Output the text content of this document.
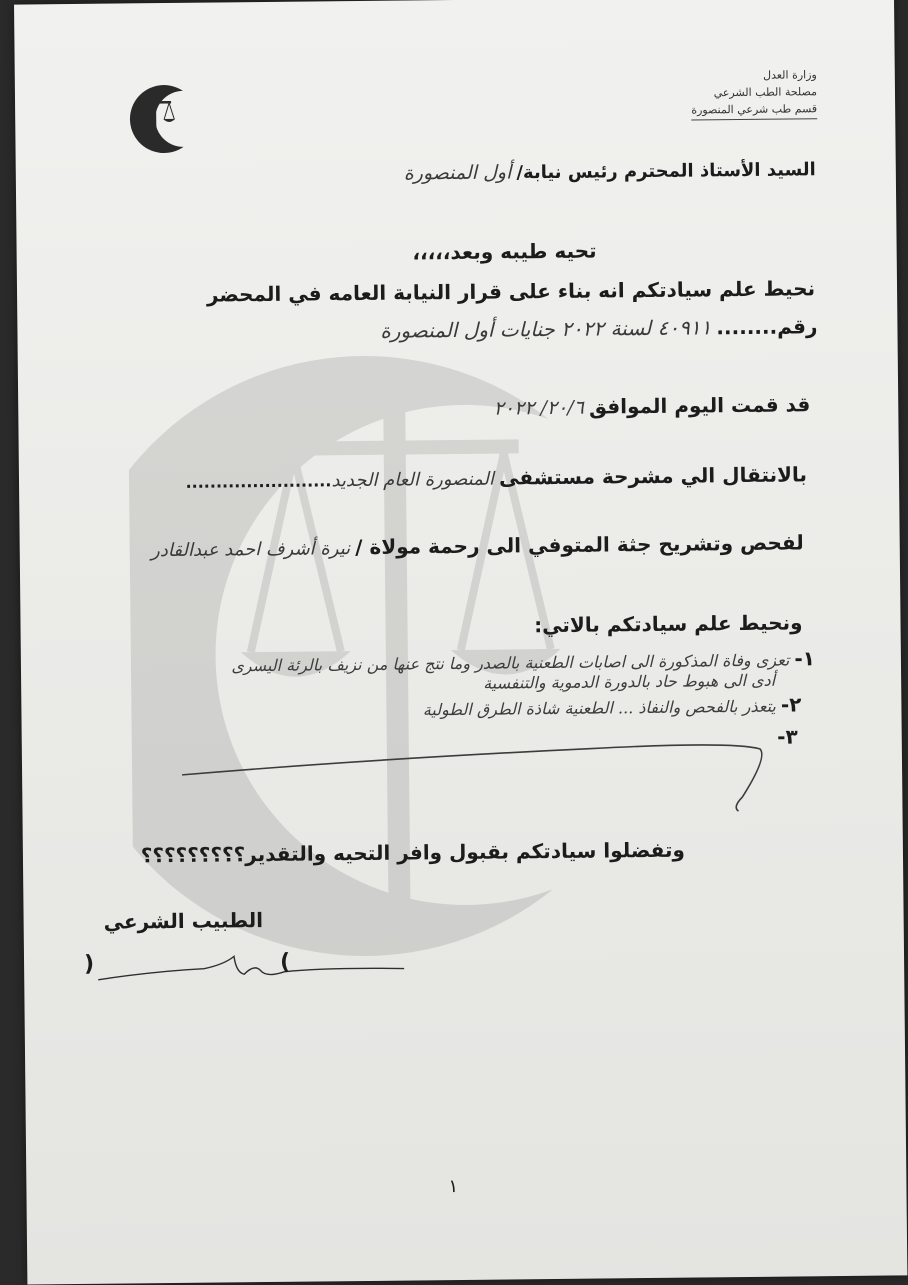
وزارة العدل
مصلحة الطب الشرعي
قسم طب شرعي المنصورة
السيد الأستاذ المحترم رئيس نيابة/ أول المنصورة
تحيه طيبه وبعد،،،،،
نحيط علم سيادتكم انه بناء على قرار النيابة العامه في المحضر
رقم........ ٤٠٩١١ لسنة ٢٠٢٢ جنايات أول المنصورة
قد قمت اليوم الموافق ٢٠/٦/ ٢٠٢٢
بالانتقال الي مشرحة مستشفى المنصورة العام الجديد........................
لفحص وتشريح جثة المتوفي الى رحمة مولاة / نيرة أشرف احمد عبدالقادر
ونحيط علم سيادتكم بالاتي:
١- تعزى وفاة المذكورة الى اصابات الطعنية بالصدر وما نتج عنها من نزيف بالرئة اليسرى
أدى الى هبوط حاد بالدورة الدموية والتنفسية
٢- يتعذر بالفحص والنفاذ ... الطعنية شاذة الطرق الطولية
٣-
وتفضلوا سيادتكم بقبول وافر التحيه والتقدير؟؟؟؟؟؟؟؟؟
الطبيب الشرعي
(	)
١
